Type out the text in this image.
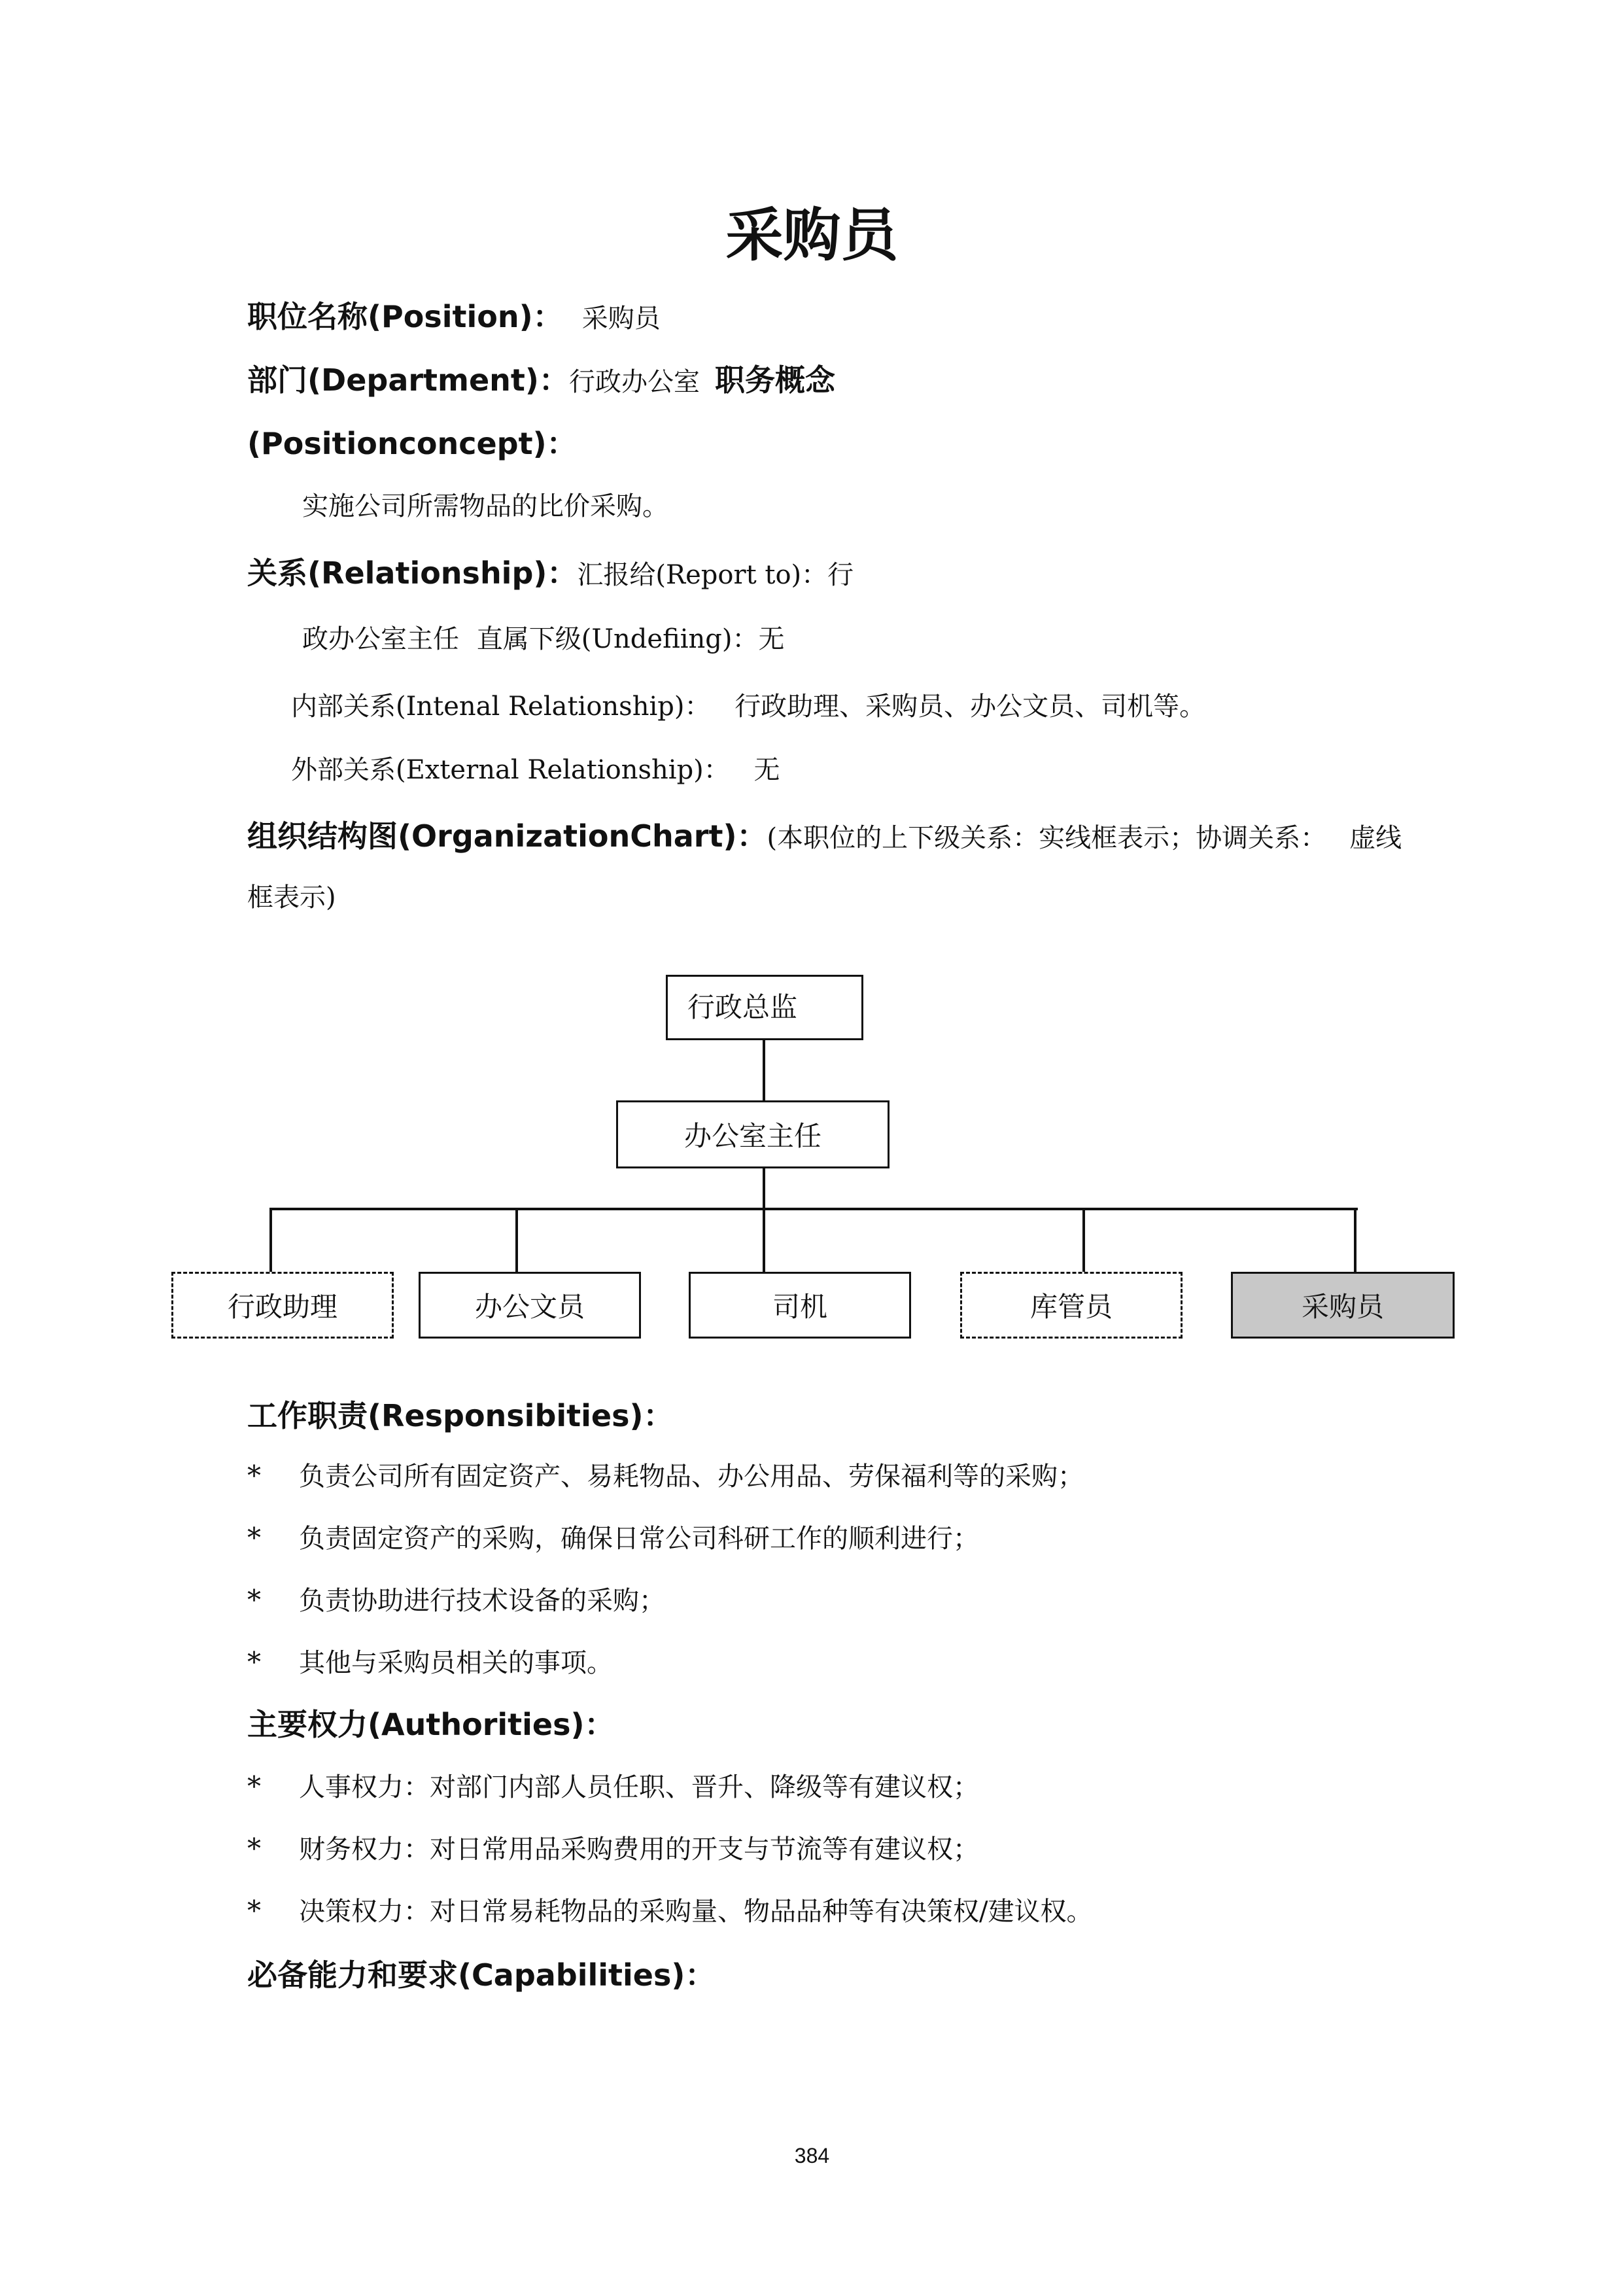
采购员
职位名称(Position)： 采购员
部门(Department)：行政办公室 职务概念
(Positionconcept)：
实施公司所需物品的比价采购。
关系(Relationship)：汇报给(Report to)：行
政办公室主任 直属下级(Undefiing)：无
内部关系(Intenal Relationship)： 行政助理、采购员、办公文员、司机等。
外部关系(External Relationship)： 无
组织结构图(OrganizationChart)：(本职位的上下级关系：实线框表示；协调关系： 虚线
框表示)
行政总监
办公室主任
行政助理	办公文员	司机	库管员	采购员
工作职责(Responsibities)：
* 负责公司所有固定资产、易耗物品、办公用品、劳保福利等的采购；
* 负责固定资产的采购，确保日常公司科研工作的顺利进行；
* 负责协助进行技术设备的采购；
* 其他与采购员相关的事项。
主要权力(Authorities)：
* 人事权力：对部门内部人员任职、晋升、降级等有建议权；
* 财务权力：对日常用品采购费用的开支与节流等有建议权；
* 决策权力：对日常易耗物品的采购量、物品品种等有决策权/建议权。
必备能力和要求(Capabilities)：
384
